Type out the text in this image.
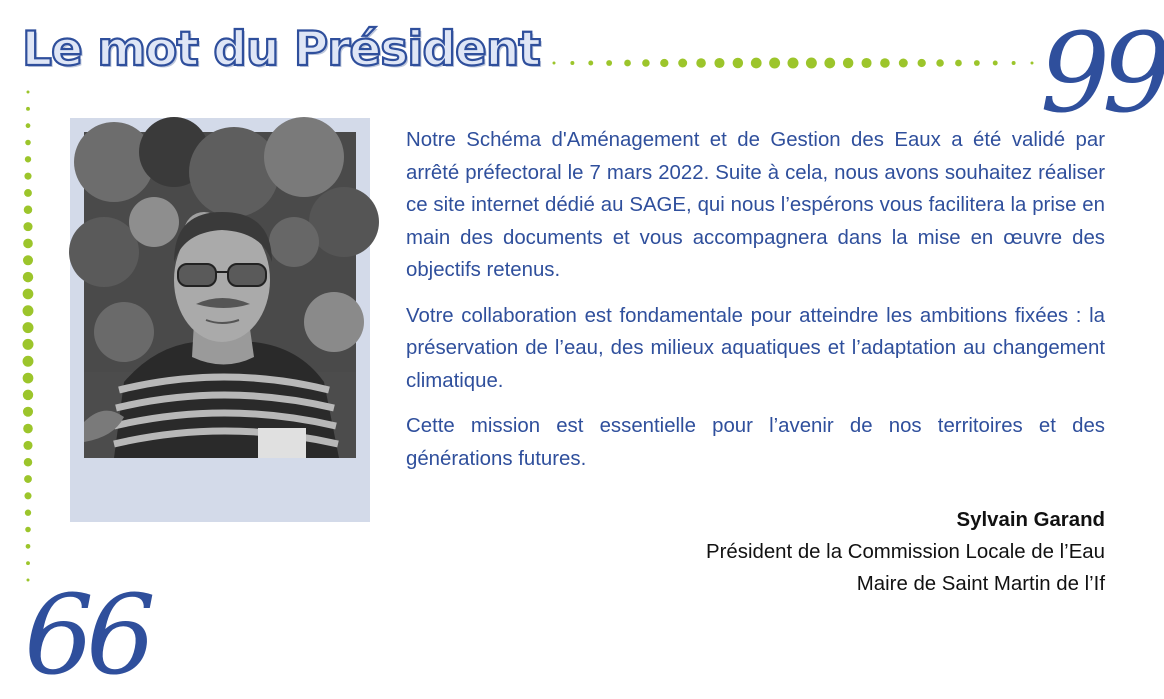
Le mot du Président	99
66

Notre Schéma d'Aménagement et de Gestion des Eaux a été validé par arrêté préfectoral le 7 mars 2022. Suite à cela, nous avons souhaitez réaliser ce site internet dédié au SAGE, qui nous l’espérons vous facilitera la prise en main des documents et vous accompagnera dans la mise en œuvre des objectifs retenus.

Votre collaboration est fondamentale pour atteindre les ambitions fixées : la préservation de l’eau, des milieux aquatiques et l’adaptation au changement climatique.

Cette mission est essentielle pour l’avenir de nos territoires et des générations futures.

Sylvain Garand
Président de la Commission Locale de l’Eau
Maire de Saint Martin de l’If
